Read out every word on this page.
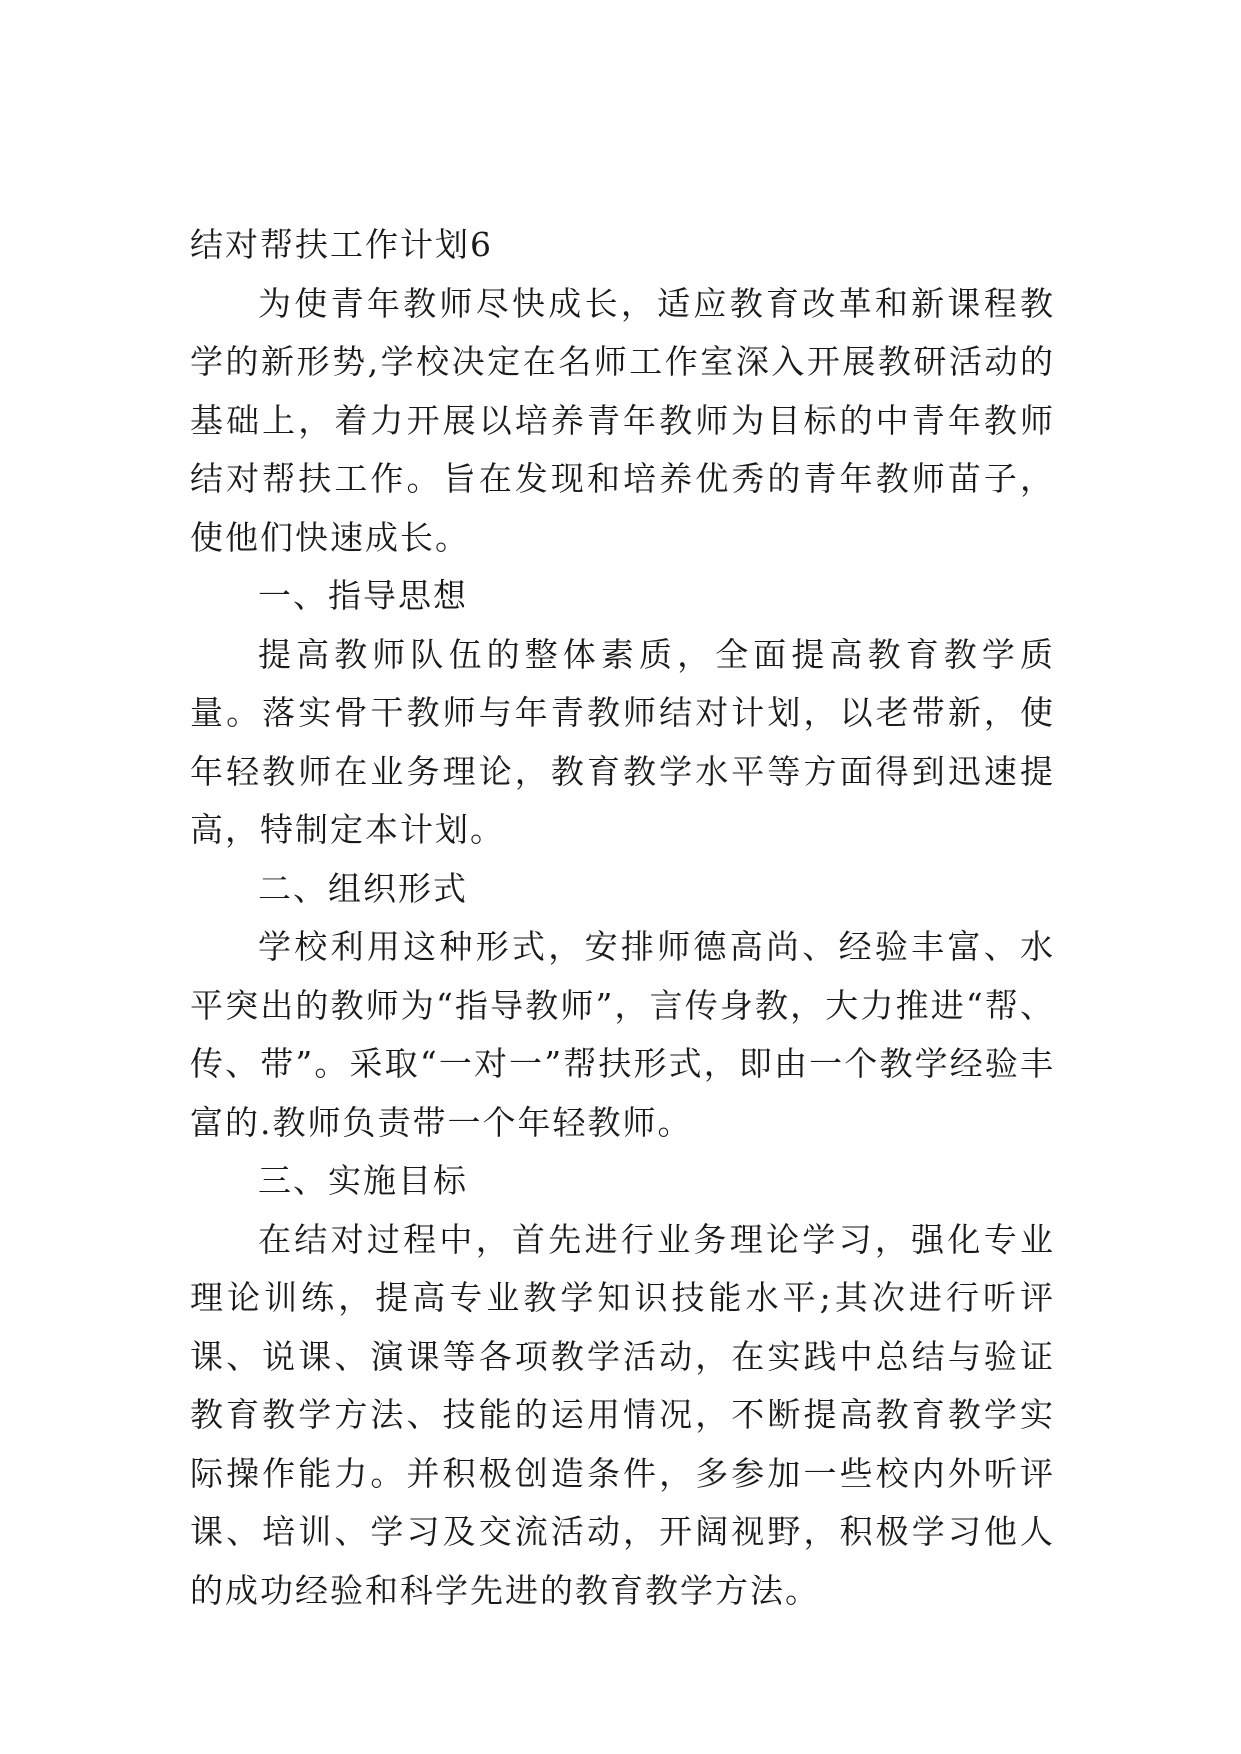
结对帮扶工作计划6

为使青年教师尽快成长，适应教育改革和新课程教学的新形势,学校决定在名师工作室深入开展教研活动的基础上，着力开展以培养青年教师为目标的中青年教师结对帮扶工作。旨在发现和培养优秀的青年教师苗子，使他们快速成长。

一、指导思想

提高教师队伍的整体素质，全面提高教育教学质量。落实骨干教师与年青教师结对计划，以老带新，使年轻教师在业务理论，教育教学水平等方面得到迅速提高，特制定本计划。

二、组织形式

学校利用这种形式，安排师德高尚、经验丰富、水平突出的教师为“指导教师”，言传身教，大力推进“帮、传、带”。采取“一对一”帮扶形式，即由一个教学经验丰富的.教师负责带一个年轻教师。

三、实施目标

在结对过程中，首先进行业务理论学习，强化专业理论训练，提高专业教学知识技能水平;其次进行听评课、说课、演课等各项教学活动，在实践中总结与验证教育教学方法、技能的运用情况，不断提高教育教学实际操作能力。并积极创造条件，多参加一些校内外听评课、培训、学习及交流活动，开阔视野，积极学习他人的成功经验和科学先进的教育教学方法。
